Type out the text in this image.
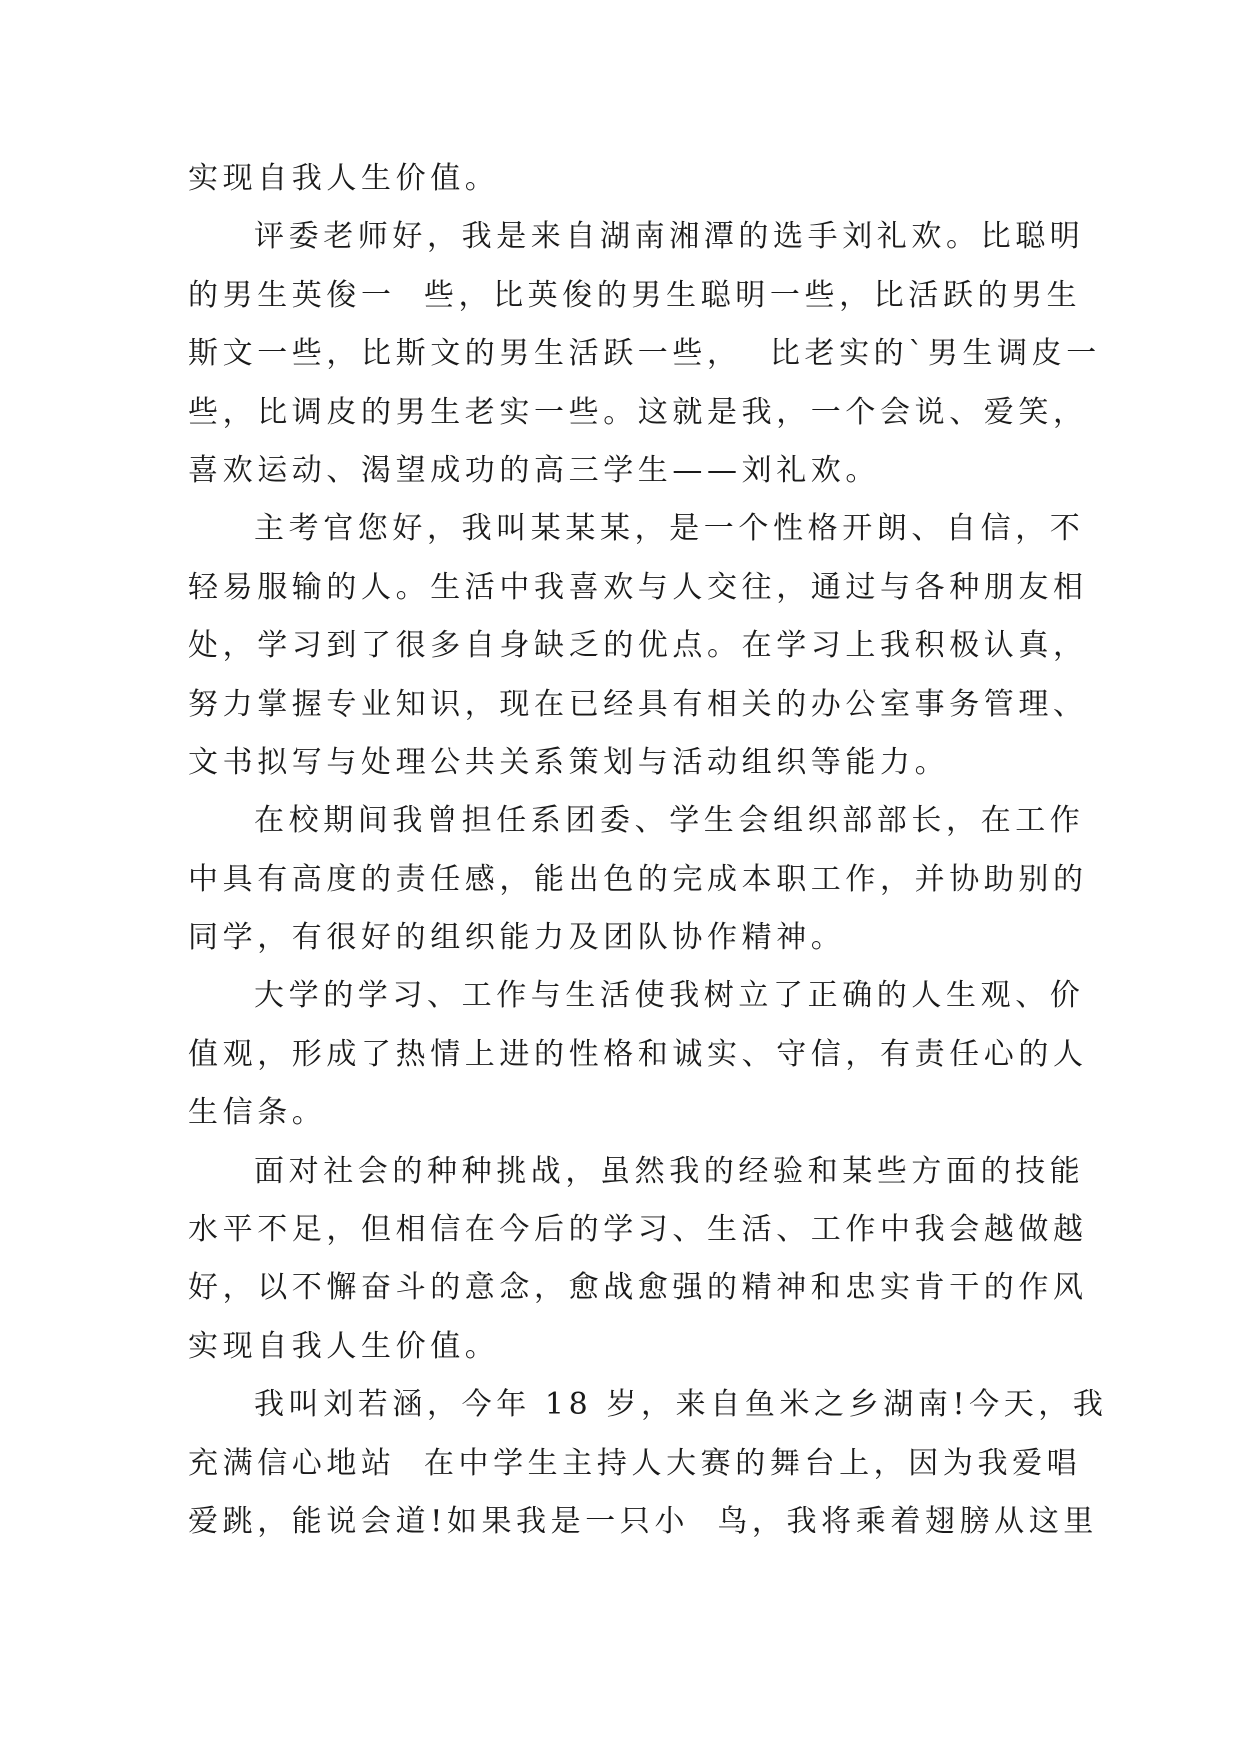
实现自我人生价值。
评委老师好，我是来自湖南湘潭的选手刘礼欢。比聪明
的男生英俊一  些，比英俊的男生聪明一些，比活跃的男生
斯文一些，比斯文的男生活跃一些，  比老实的`男生调皮一
些，比调皮的男生老实一些。这就是我，一个会说、爱笑，
喜欢运动、渴望成功的高三学生——刘礼欢。
主考官您好，我叫某某某，是一个性格开朗、自信，不
轻易服输的人。生活中我喜欢与人交往，通过与各种朋友相
处，学习到了很多自身缺乏的优点。在学习上我积极认真，
努力掌握专业知识，现在已经具有相关的办公室事务管理、
文书拟写与处理公共关系策划与活动组织等能力。
在校期间我曾担任系团委、学生会组织部部长，在工作
中具有高度的责任感，能出色的完成本职工作，并协助别的
同学，有很好的组织能力及团队协作精神。
大学的学习、工作与生活使我树立了正确的人生观、价
值观，形成了热情上进的性格和诚实、守信，有责任心的人
生信条。
面对社会的种种挑战，虽然我的经验和某些方面的技能
水平不足，但相信在今后的学习、生活、工作中我会越做越
好，以不懈奋斗的意念，愈战愈强的精神和忠实肯干的作风
实现自我人生价值。
我叫刘若涵，今年 18 岁，来自鱼米之乡湖南!今天，我
充满信心地站  在中学生主持人大赛的舞台上，因为我爱唱
爱跳，能说会道!如果我是一只小  鸟，我将乘着翅膀从这里
